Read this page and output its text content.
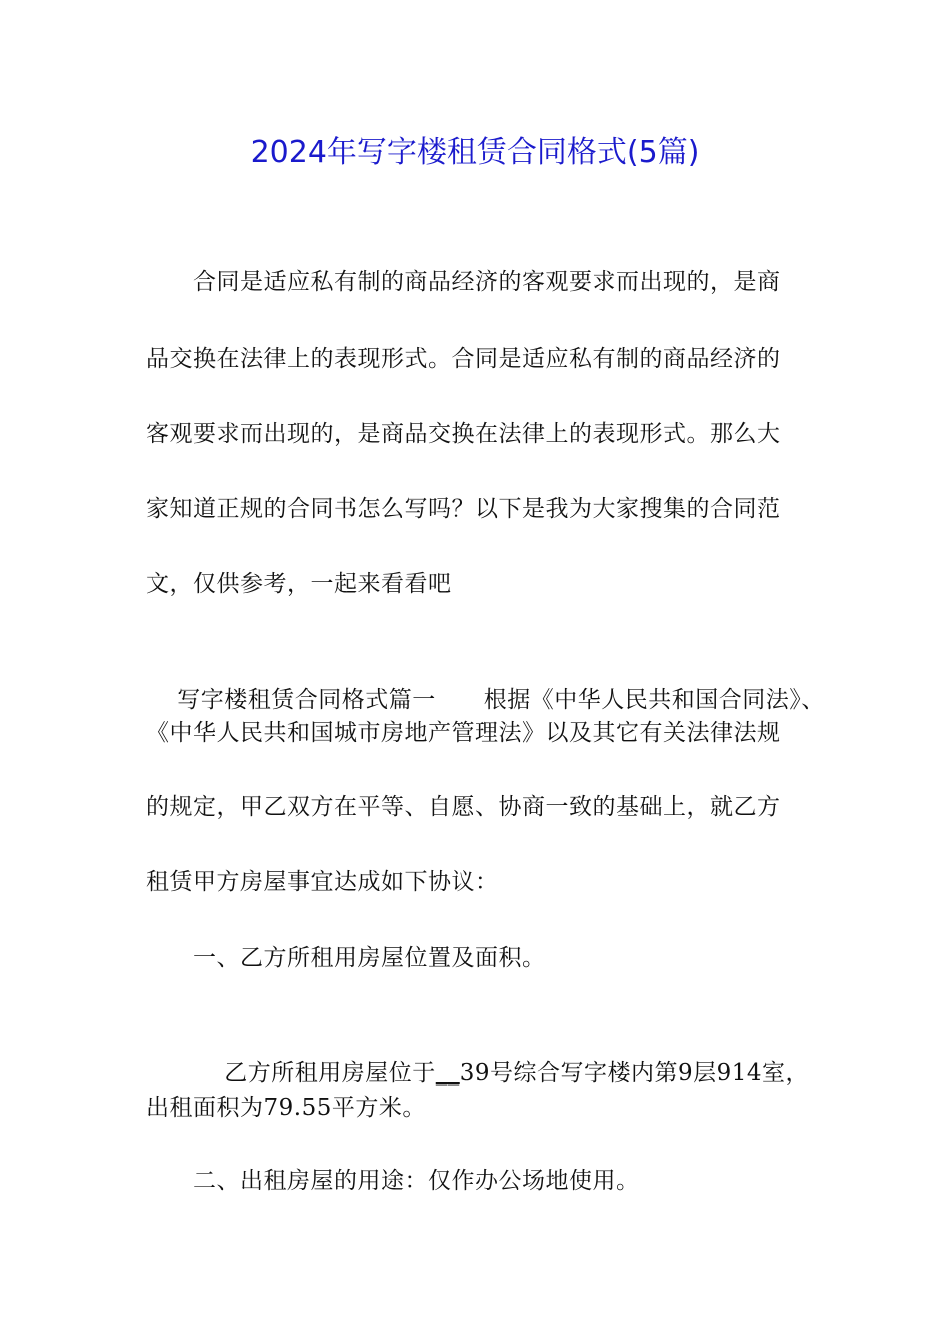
2024年写字楼租赁合同格式(5篇)
合同是适应私有制的商品经济的客观要求而出现的，是商
品交换在法律上的表现形式。合同是适应私有制的商品经济的
客观要求而出现的，是商品交换在法律上的表现形式。那么大
家知道正规的合同书怎么写吗？以下是我为大家搜集的合同范
文，仅供参考，一起来看看吧

写字楼租赁合同格式篇一 根据《中华人民共和国合同法》、

《中华人民共和国城市房地产管理法》以及其它有关法律法规
的规定，甲乙双方在平等、自愿、协商一致的基础上，就乙方
租赁甲方房屋事宜达成如下协议：
一、乙方所租用房屋位置及面积。

乙方所租用房屋位于__39号综合写字楼内第9层914室，

出租面积为79.55平方米。
二、出租房屋的用途：仅作办公场地使用。
